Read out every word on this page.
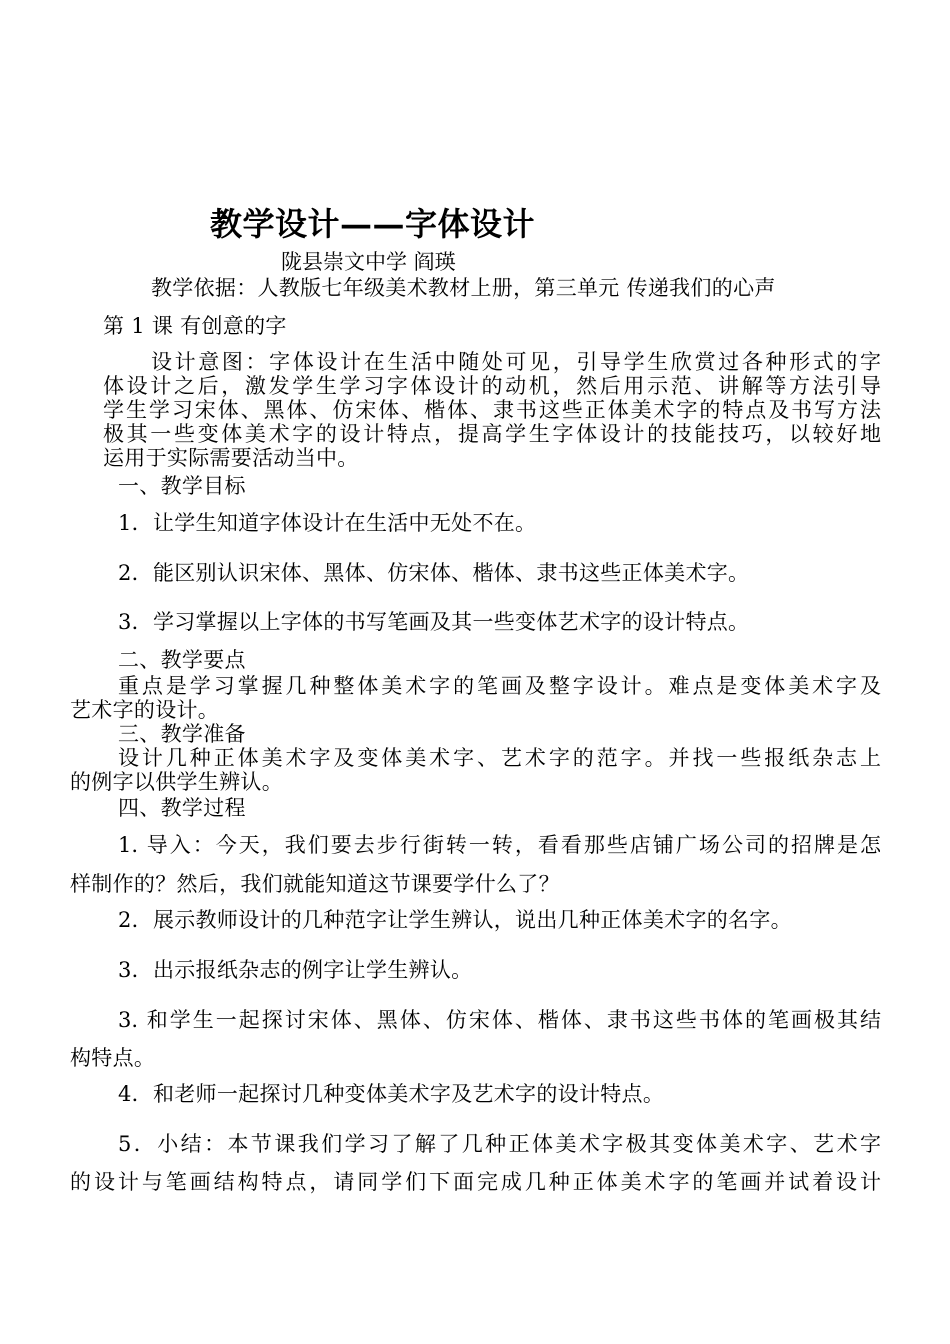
教学设计——字体设计
陇县崇文中学 阎瑛
教学依据：人教版七年级美术教材上册，第三单元 传递我们的心声
第 1 课 有创意的字
设计意图：字体设计在生活中随处可见，引导学生欣赏过各种形式的字
体设计之后，激发学生学习字体设计的动机，然后用示范、讲解等方法引导
学生学习宋体、黑体、仿宋体、楷体、隶书这些正体美术字的特点及书写方法
极其一些变体美术字的设计特点，提高学生字体设计的技能技巧，以较好地
运用于实际需要活动当中。
一、教学目标
1．让学生知道字体设计在生活中无处不在。
2．能区别认识宋体、黑体、仿宋体、楷体、隶书这些正体美术字。
3．学习掌握以上字体的书写笔画及其一些变体艺术字的设计特点。
二、教学要点
重点是学习掌握几种整体美术字的笔画及整字设计。难点是变体美术字及
艺术字的设计。
三、教学准备
设计几种正体美术字及变体美术字、艺术字的范字。并找一些报纸杂志上
的例字以供学生辨认。
四、教学过程
1. 导入：今天，我们要去步行街转一转，看看那些店铺广场公司的招牌是怎
样制作的？然后，我们就能知道这节课要学什么了？
2．展示教师设计的几种范字让学生辨认，说出几种正体美术字的名字。
3．出示报纸杂志的例字让学生辨认。
3. 和学生一起探讨宋体、黑体、仿宋体、楷体、隶书这些书体的笔画极其结
构特点。
4．和老师一起探讨几种变体美术字及艺术字的设计特点。
5．小结：本节课我们学习了解了几种正体美术字极其变体美术字、艺术字
的设计与笔画结构特点，请同学们下面完成几种正体美术字的笔画并试着设计
